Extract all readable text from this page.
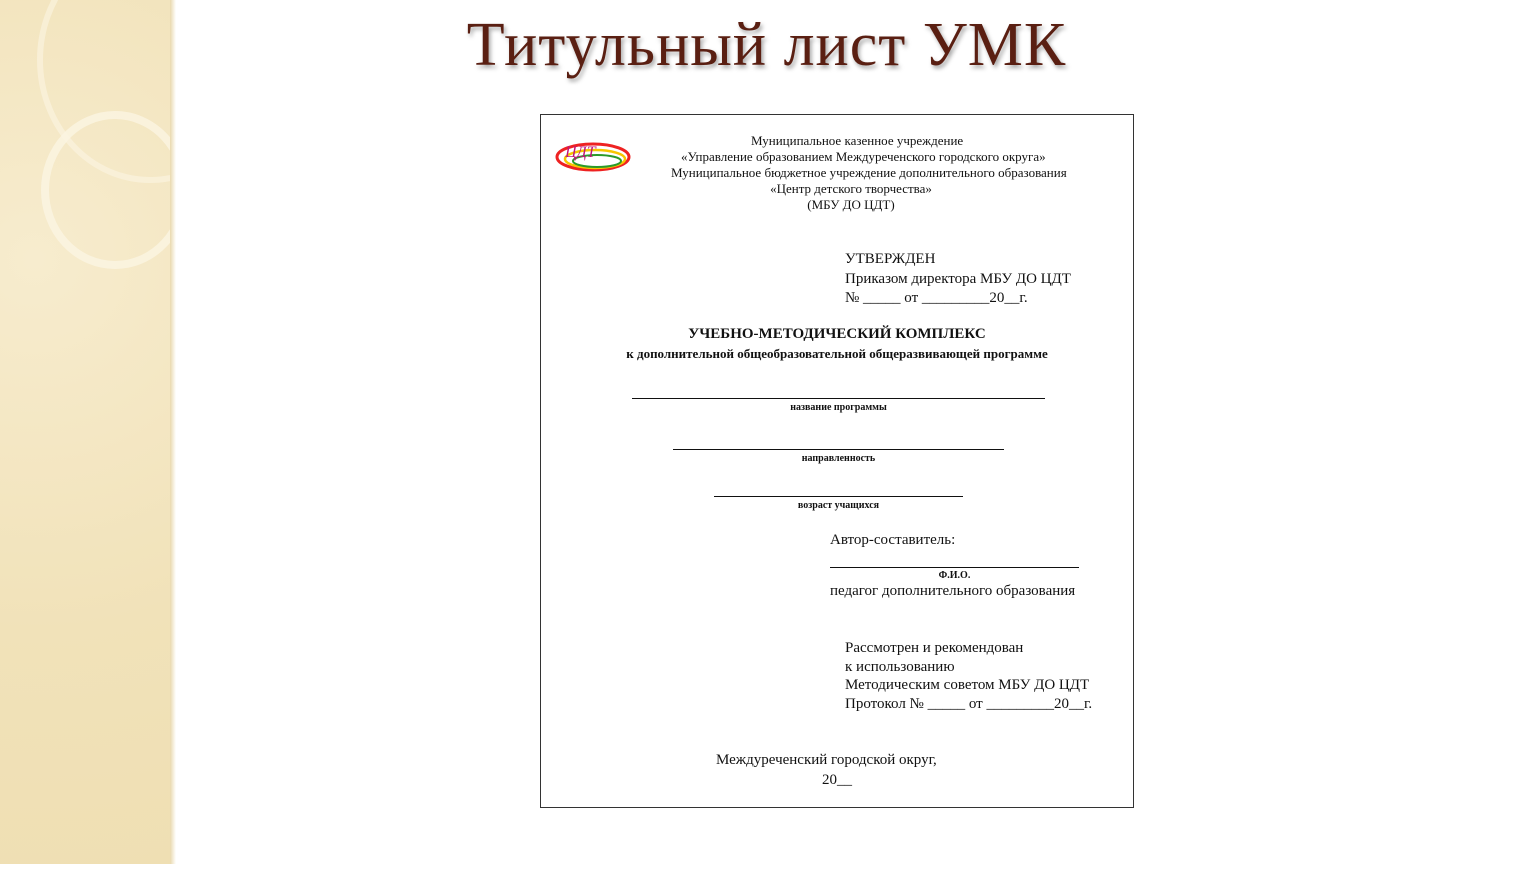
Титульный лист УМК
ЦДТ
Муниципальное казенное учреждение
«Управление образованием Междуреченского городского округа»
Муниципальное бюджетное учреждение дополнительного образования
«Центр детского творчества»
(МБУ ДО ЦДТ)
УТВЕРЖДЕН
Приказом директора МБУ ДО ЦДТ
№ _____ от _________20__г.
УЧЕБНО-МЕТОДИЧЕСКИЙ КОМПЛЕКС
к дополнительной общеобразовательной общеразвивающей программе
название программы
направленность
возраст учащихся
Автор-составитель:
Ф.И.О.
педагог дополнительного образования
Рассмотрен и рекомендован
к использованию
Методическим советом МБУ ДО ЦДТ
Протокол № _____ от _________20__г.
Междуреченский городской округ,
20__
